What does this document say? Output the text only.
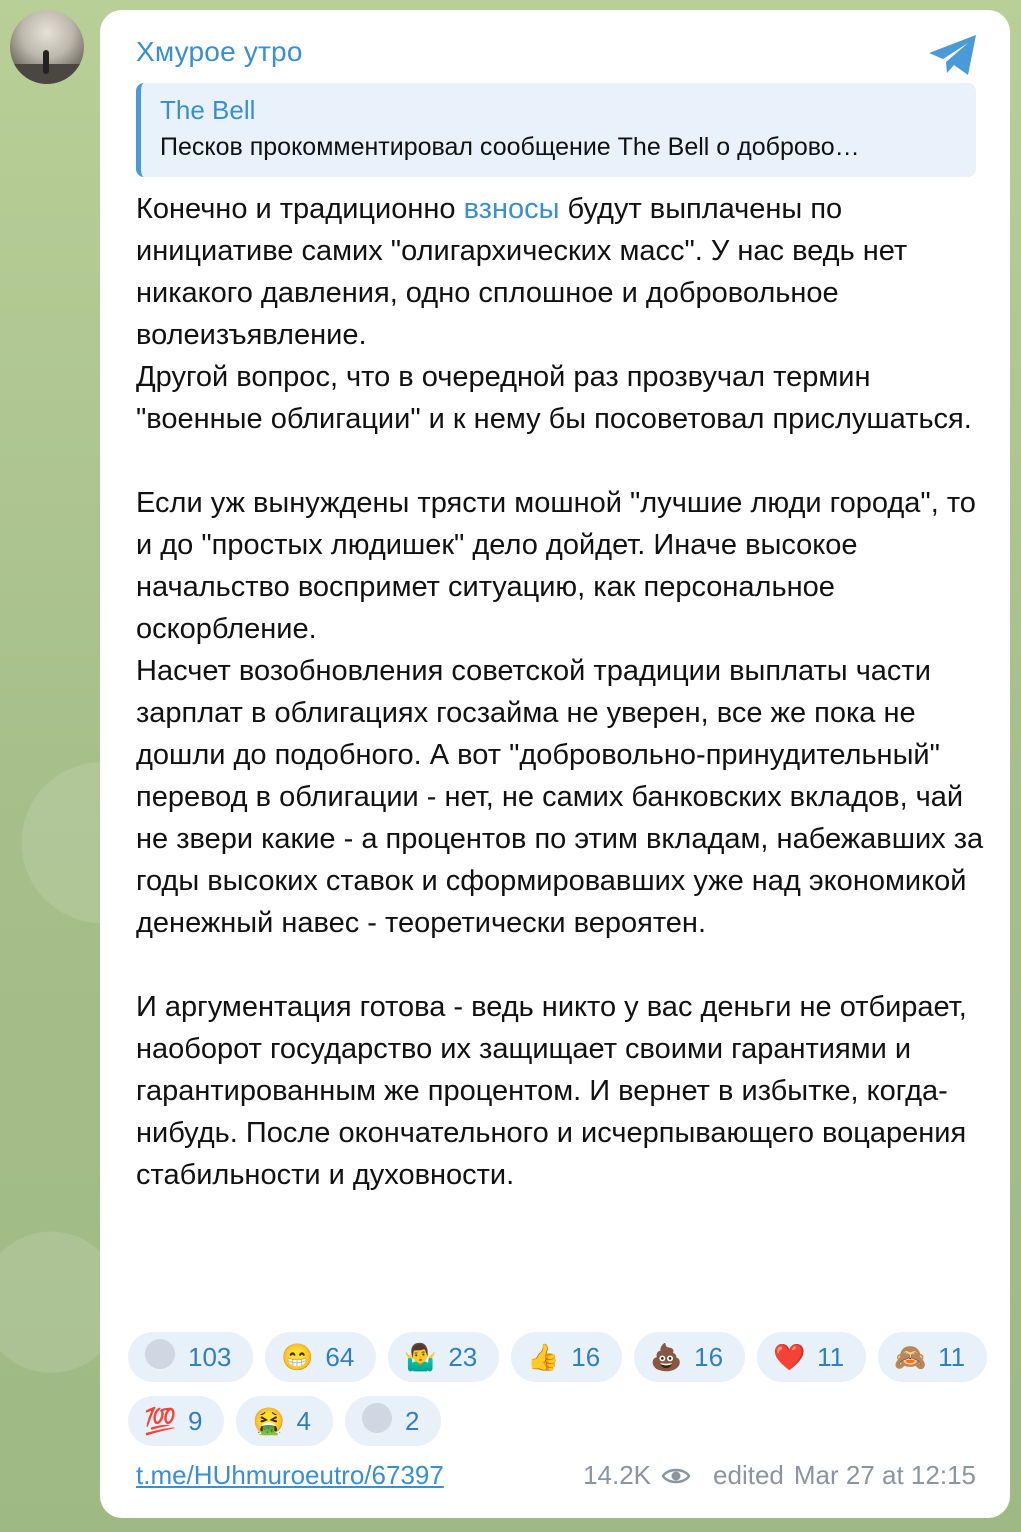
Хмурое утро
The Bell
Песков прокомментировал сообщение The Bell о доброво…

Конечно и традиционно взносы будут выплачены по инициативе самих "олигархических масс". У нас ведь нет никакого давления, одно сплошное и добровольное волеизъявление.

Другой вопрос, что в очередной раз прозвучал термин "военные облигации" и к нему бы посоветовал прислушаться.

Если уж вынуждены трясти мошной "лучшие люди города", то и до "простых людишек" дело дойдет. Иначе высокое начальство воспримет ситуацию, как персональное оскорбление.

Насчет возобновления советской традиции выплаты части зарплат в облигациях госзайма не уверен, все же пока не дошли до подобного. А вот "добровольно-принудительный" перевод в облигации - нет, не самих банковских вкладов, чай не звери какие - а процентов по этим вкладам, набежавших за годы высоких ставок и сформировавших уже над экономикой денежный навес - теоретически вероятен.

И аргументация готова - ведь никто у вас деньги не отбирает, наоборот государство их защищает своими гарантиями и гарантированным же процентом. И вернет в избытке, когда-нибудь. После окончательного и исчерпывающего воцарения стабильности и духовности.

103 😁 64 🤷‍♂️ 23 👍 16 💩 16 ❤️ 11 🙈 11
💯 9 🤮 4	2
t.me/HUhmuroeutro/67397	14.2K edited Mar 27 at 12:15
